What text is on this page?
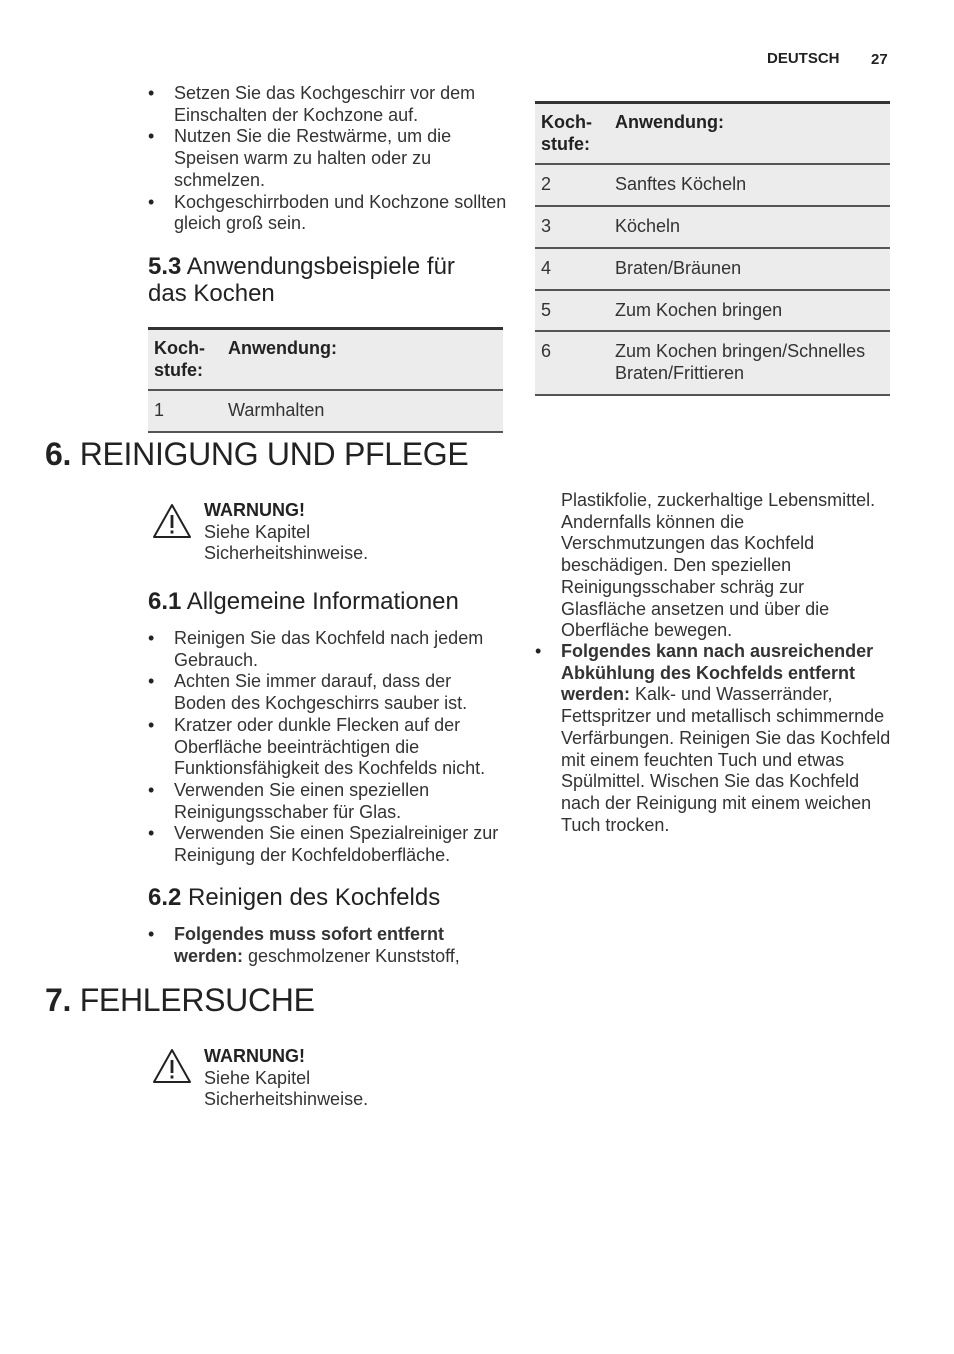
DEUTSCH 27
• Setzen Sie das Kochgeschirr vor dem Einschalten der Kochzone auf.
• Nutzen Sie die Restwärme, um die Speisen warm zu halten oder zu schmelzen.
• Kochgeschirrboden und Kochzone sollten gleich groß sein.
5.3 Anwendungsbeispiele für das Kochen
Koch-stufe:	Anwendung:
1	Warmhalten
Koch-stufe:	Anwendung:
2	Sanftes Köcheln
3	Köcheln
4	Braten/Bräunen
5	Zum Kochen bringen
6	Zum Kochen bringen/Schnelles Braten/Frittieren
6. REINIGUNG UND PFLEGE
WARNUNG!
Siehe Kapitel Sicherheitshinweise.
6.1 Allgemeine Informationen
• Reinigen Sie das Kochfeld nach jedem Gebrauch.
• Achten Sie immer darauf, dass der Boden des Kochgeschirrs sauber ist.
• Kratzer oder dunkle Flecken auf der Oberfläche beeinträchtigen die Funktionsfähigkeit des Kochfelds nicht.
• Verwenden Sie einen speziellen Reinigungsschaber für Glas.
• Verwenden Sie einen Spezialreiniger zur Reinigung der Kochfeldoberfläche.
6.2 Reinigen des Kochfelds
• Folgendes muss sofort entfernt werden: geschmolzener Kunststoff,
Plastikfolie, zuckerhaltige Lebensmittel. Andernfalls können die Verschmutzungen das Kochfeld beschädigen. Den speziellen Reinigungsschaber schräg zur Glasfläche ansetzen und über die Oberfläche bewegen.
• Folgendes kann nach ausreichender Abkühlung des Kochfelds entfernt werden: Kalk- und Wasserränder, Fettspritzer und metallisch schimmernde Verfärbungen. Reinigen Sie das Kochfeld mit einem feuchten Tuch und etwas Spülmittel. Wischen Sie das Kochfeld nach der Reinigung mit einem weichen Tuch trocken.
7. FEHLERSUCHE
WARNUNG!
Siehe Kapitel Sicherheitshinweise.
